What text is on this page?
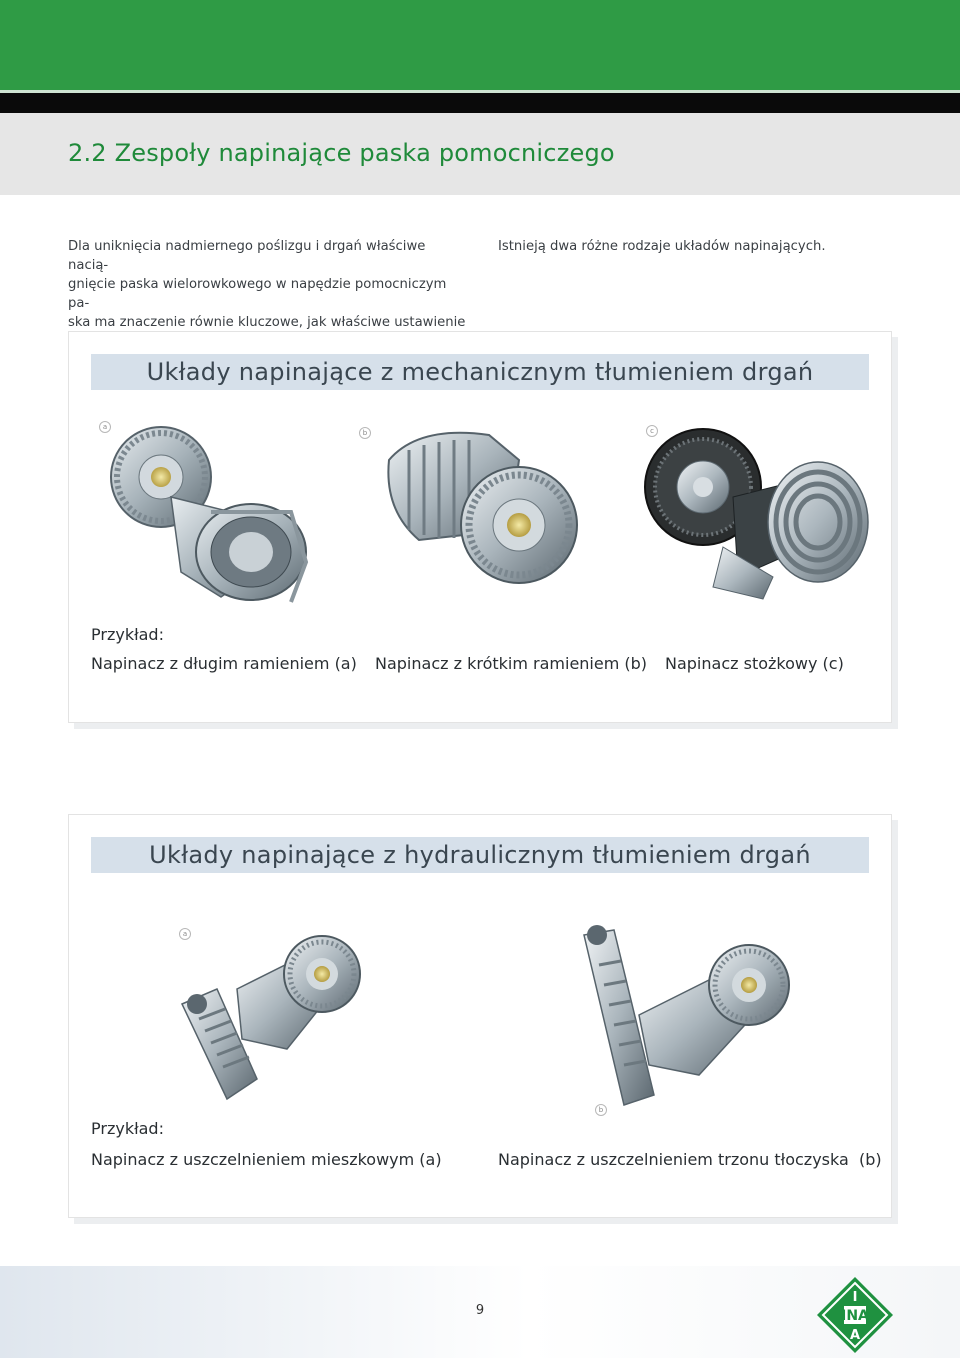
2.2 Zespoły napinające paska pomocniczego

Dla uniknięcia nadmiernego poślizgu i drgań właściwe nacią-

gnięcie paska wielorowkowego w napędzie pomocniczym pa-

ska ma znaczenie równie kluczowe, jak właściwe ustawienie

Istnieją dwa różne rodzaje układów napinających.

Układy napinające z mechanicznym tłumieniem drgań
a
b	c
Przykład:
Napinacz z długim ramieniem (a) Napinacz z krótkim ramieniem (b) Napinacz stożkowy (c)
Układy napinające z hydraulicznym tłumieniem drgań
a
b
Przykład:
Napinacz z uszczelnieniem mieszkowym (a)	Napinacz z uszczelnieniem trzonu tłoczyska  (b)
9
I
INA
A
